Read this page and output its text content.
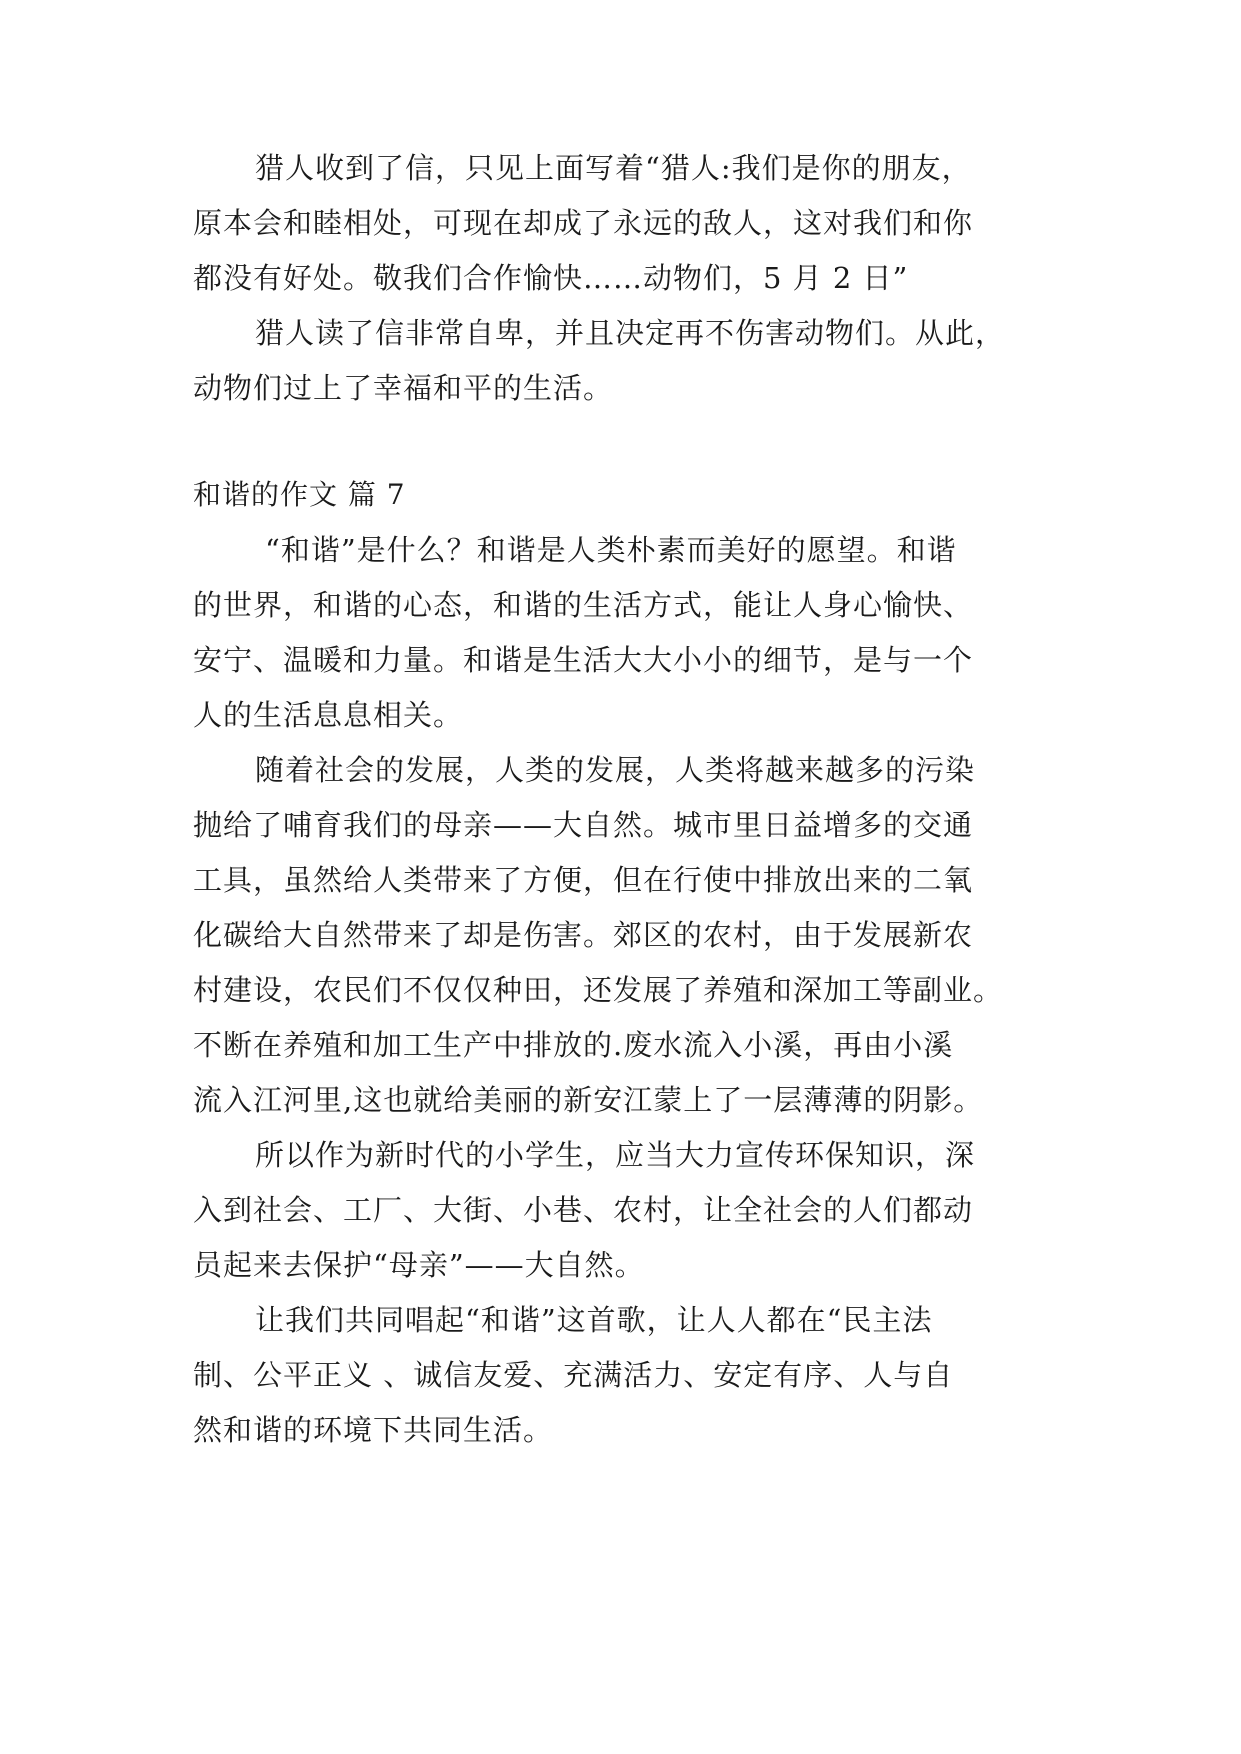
猎人收到了信，只见上面写着“猎人:我们是你的朋友，
原本会和睦相处，可现在却成了永远的敌人，这对我们和你
都没有好处。敬我们合作愉快……动物们，5 月 2 日”
猎人读了信非常自卑，并且决定再不伤害动物们。从此，
动物们过上了幸福和平的生活。
和谐的作文 篇 7
“和谐”是什么？和谐是人类朴素而美好的愿望。和谐
的世界，和谐的心态，和谐的生活方式，能让人身心愉快、
安宁、温暖和力量。和谐是生活大大小小的细节，是与一个
人的生活息息相关。
随着社会的发展，人类的发展，人类将越来越多的污染
抛给了哺育我们的母亲——大自然。城市里日益增多的交通
工具，虽然给人类带来了方便，但在行使中排放出来的二氧
化碳给大自然带来了却是伤害。郊区的农村，由于发展新农
村建设，农民们不仅仅种田，还发展了养殖和深加工等副业。
不断在养殖和加工生产中排放的.废水流入小溪，再由小溪
流入江河里,这也就给美丽的新安江蒙上了一层薄薄的阴影。
所以作为新时代的小学生，应当大力宣传环保知识，深
入到社会、工厂、大街、小巷、农村，让全社会的人们都动
员起来去保护“母亲”——大自然。
让我们共同唱起“和谐”这首歌，让人人都在“民主法
制、公平正义 、诚信友爱、充满活力、安定有序、人与自
然和谐的环境下共同生活。
